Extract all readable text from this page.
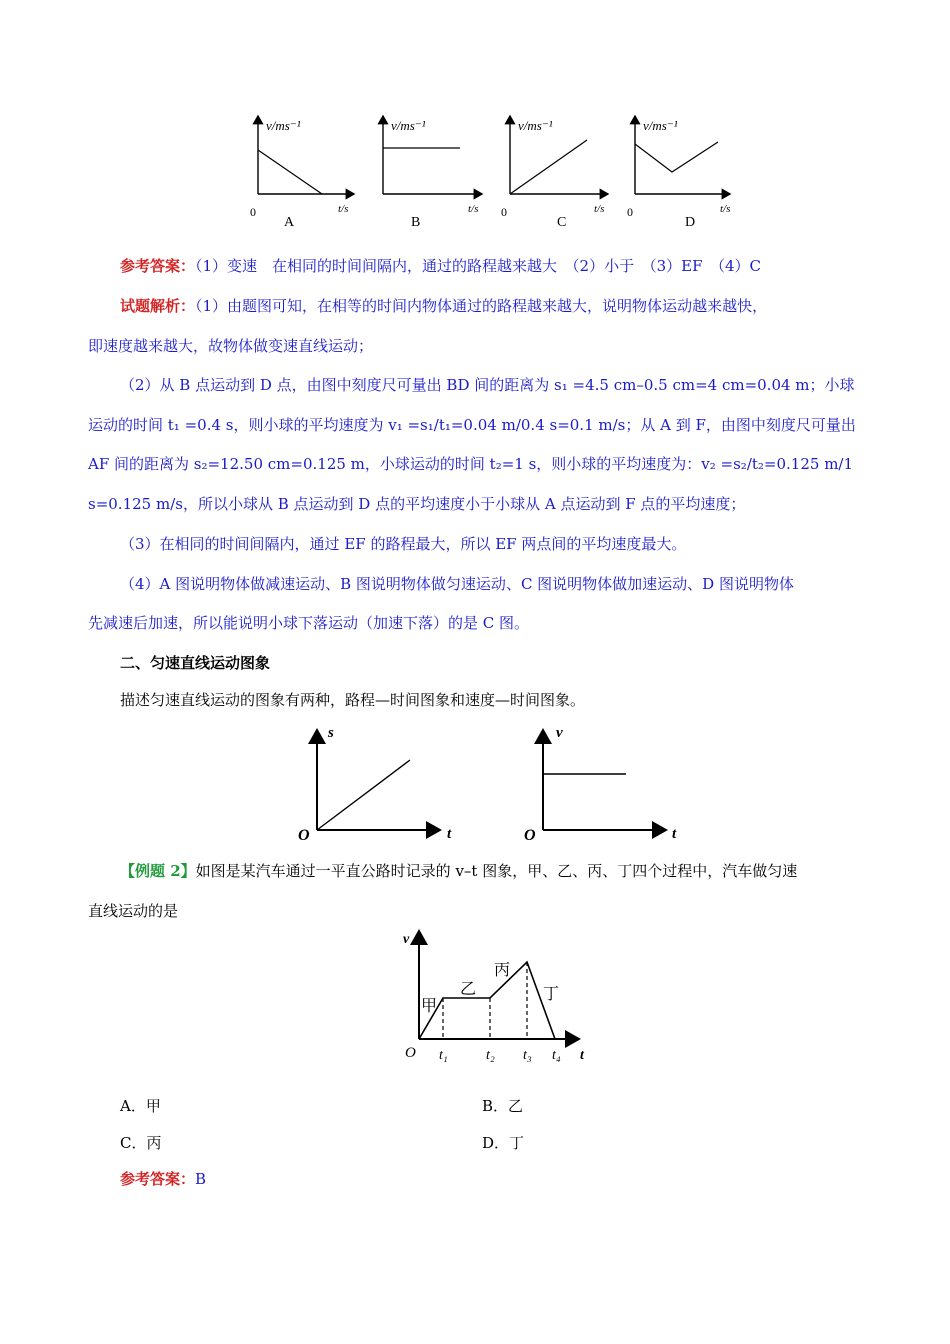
v/ms⁻¹
t/s
0
A
v/ms⁻¹
t/s
B
v/ms⁻¹
t/s
0
C
v/ms⁻¹
t/s
0
D
参考答案：（1）变速　在相同的时间间隔内，通过的路程越来越大　（2）小于　（3）EF　（4）C
试题解析：（1）由题图可知，在相等的时间内物体通过的路程越来越大，说明物体运动越来越快，
即速度越来越大，故物体做变速直线运动；
（2）从 B 点运动到 D 点，由图中刻度尺可量出 BD 间的距离为 s₁ =4.5 cm–0.5 cm=4 cm=0.04 m；小球
运动的时间 t₁ =0.4 s，则小球的平均速度为 v₁ =s₁/t₁=0.04 m/0.4 s=0.1 m/s；从 A 到 F，由图中刻度尺可量出
AF 间的距离为 s₂=12.50 cm=0.125 m，小球运动的时间 t₂=1 s，则小球的平均速度为：v₂ =s₂/t₂=0.125 m/1
s=0.125 m/s，所以小球从 B 点运动到 D 点的平均速度小于小球从 A 点运动到 F 点的平均速度；
（3）在相同的时间间隔内，通过 EF 的路程最大，所以 EF 两点间的平均速度最大。
（4）A 图说明物体做减速运动、B 图说明物体做匀速运动、C 图说明物体做加速运动、D 图说明物体
先减速后加速，所以能说明小球下落运动（加速下落）的是 C 图。
二、匀速直线运动图象
描述匀速直线运动的图象有两种，路程—时间图象和速度—时间图象。
s
t
O
v
t
O
【例题 2】如图是某汽车通过一平直公路时记录的 v–t 图象，甲、乙、丙、丁四个过程中，汽车做匀速
直线运动的是
v
t
O t₁	t₂ t₃ t₄
甲
乙
丙
丁
A．甲	B．乙
C．丙	D．丁
参考答案：B
